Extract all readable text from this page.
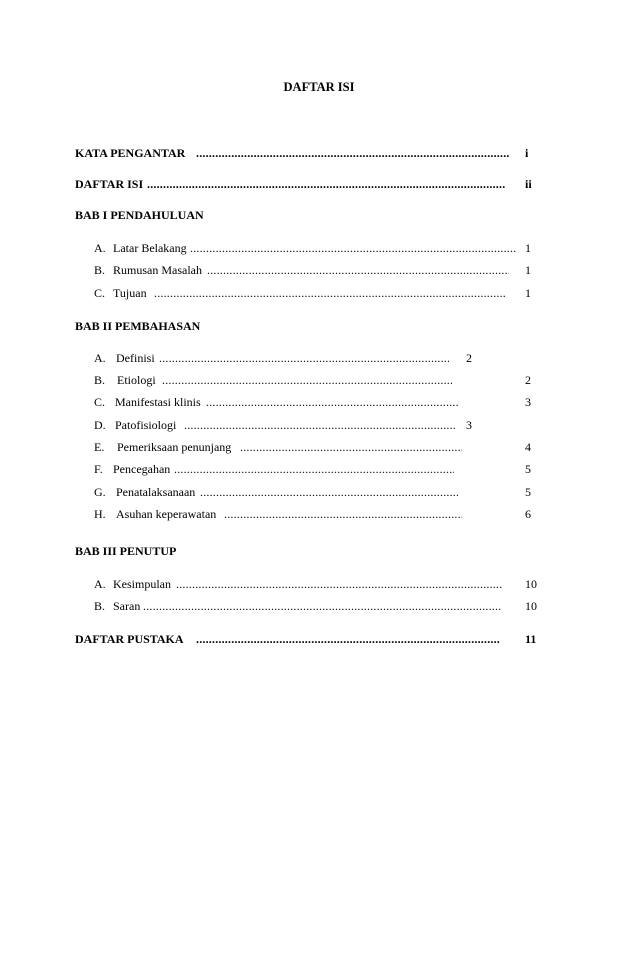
DAFTAR ISI
KATA PENGANTAR .....	i
DAFTAR ISI .....	ii
BAB I PENDAHULUAN
A. Latar Belakang .....	1
B. Rumusan Masalah .....	1
C. Tujuan .....	1
BAB II PEMBAHASAN
A. Definisi .....	2
B. Etiologi .....	2
C. Manifestasi klinis .....	3
D. Patofisiologi .....	3
E. Pemeriksaan penunjang .....	4
F. Pencegahan .....	5
G. Penatalaksanaan .....	5
H. Asuhan keperawatan .....	6
BAB III PENUTUP
A. Kesimpulan .....	10
B. Saran .....	10
DAFTAR PUSTAKA .....	11
